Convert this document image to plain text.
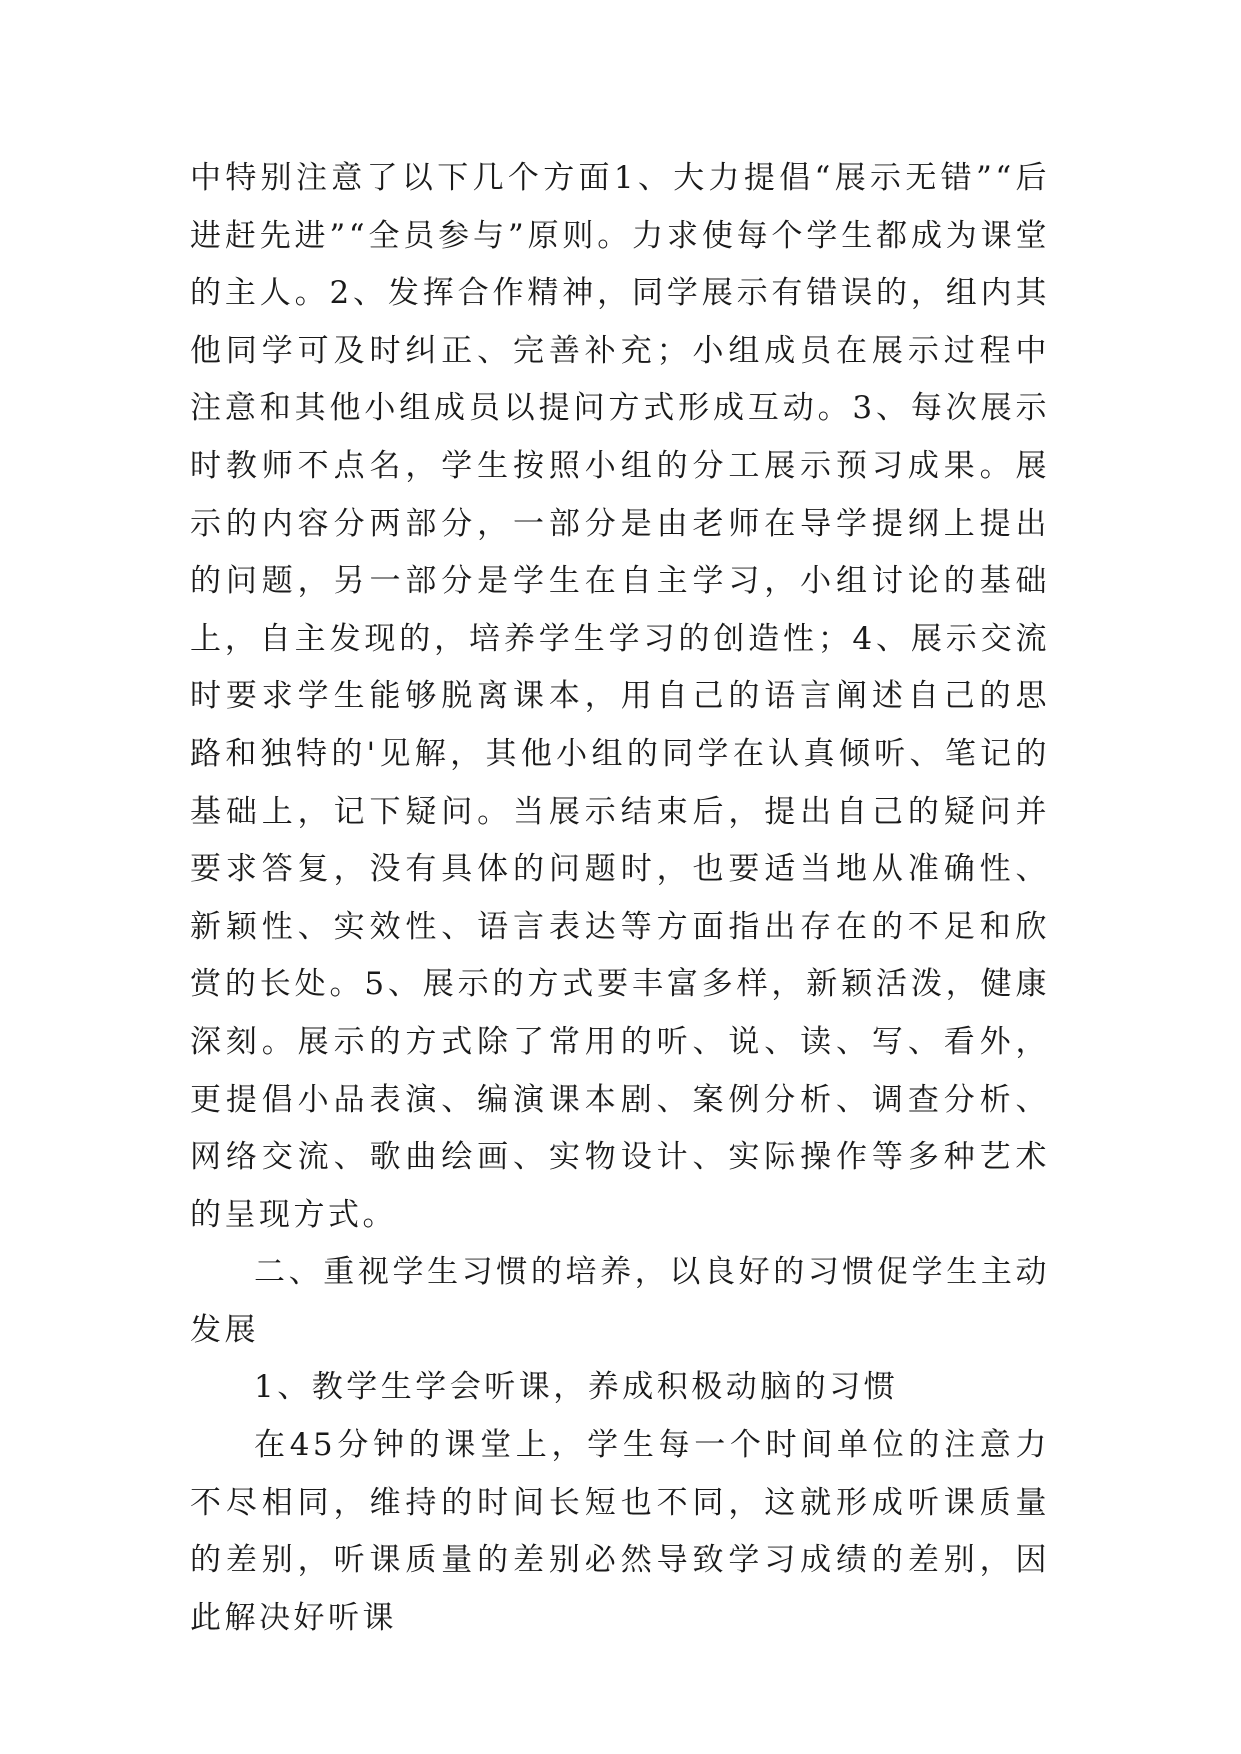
中特别注意了以下几个方面1、大力提倡“展示无错”“后进赶先进”“全员参与”原则。力求使每个学生都成为课堂的主人。2、发挥合作精神，同学展示有错误的，组内其他同学可及时纠正、完善补充；小组成员在展示过程中注意和其他小组成员以提问方式形成互动。3、每次展示时教师不点名，学生按照小组的分工展示预习成果。展示的内容分两部分，一部分是由老师在导学提纲上提出的问题，另一部分是学生在自主学习，小组讨论的基础上，自主发现的，培养学生学习的创造性；4、展示交流时要求学生能够脱离课本，用自己的语言阐述自己的思路和独特的'见解，其他小组的同学在认真倾听、笔记的基础上，记下疑问。当展示结束后，提出自己的疑问并要求答复，没有具体的问题时，也要适当地从准确性、新颖性、实效性、语言表达等方面指出存在的不足和欣赏的长处。5、展示的方式要丰富多样，新颖活泼，健康深刻。展示的方式除了常用的听、说、读、写、看外，更提倡小品表演、编演课本剧、案例分析、调查分析、网络交流、歌曲绘画、实物设计、实际操作等多种艺术的呈现方式。

二、重视学生习惯的培养，以良好的习惯促学生主动发展

1、教学生学会听课，养成积极动脑的习惯

在45分钟的课堂上，学生每一个时间单位的注意力不尽相同，维持的时间长短也不同，这就形成听课质量的差别，听课质量的差别必然导致学习成绩的差别，因此解决好听课
